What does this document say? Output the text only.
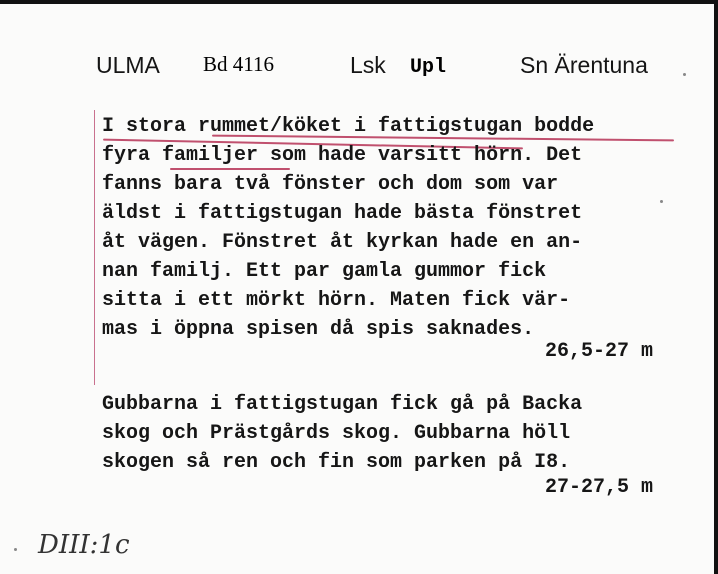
ULMA Bd 4116	Lsk Upl	Sn Ärentuna
I stora rummet/köket i fattigstugan bodde
fyra familjer som hade varsitt hörn. Det
fanns bara två fönster och dom som var
äldst i fattigstugan hade bästa fönstret
åt vägen. Fönstret åt kyrkan hade en an-
nan familj. Ett par gamla gummor fick
sitta i ett mörkt hörn. Maten fick vär-
mas i öppna spisen då spis saknades.
26,5-27 m
Gubbarna i fattigstugan fick gå på Backa
skog och Prästgårds skog. Gubbarna höll
skogen så ren och fin som parken på I8.
27-27,5 m
DIII:1c
